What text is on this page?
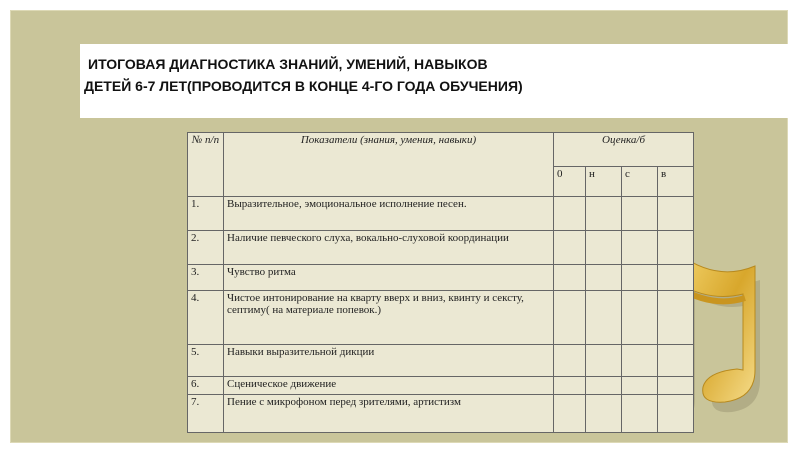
ИТОГОВАЯ ДИАГНОСТИКА ЗНАНИЙ, УМЕНИЙ, НАВЫКОВ
ДЕТЕЙ 6-7 ЛЕТ(ПРОВОДИТСЯ В КОНЦЕ 4-ГО ГОДА ОБУЧЕНИЯ)
№ п/п	Показатели (знания, умения, навыки)	Оценка/б			
		0	н	с	в
1.	Выразительное, эмоциональное исполнение песен.				
2.	Наличие певческого слуха, вокально-слуховой координации				
3.	Чувство ритма				
4.	Чистое интонирование на кварту вверх и вниз, квинту и сексту, септиму( на материале попевок.)				
5.	Навыки выразительной дикции				
6.	Сценическое движение				
7.	Пение с микрофоном перед зрителями, артистизм				
